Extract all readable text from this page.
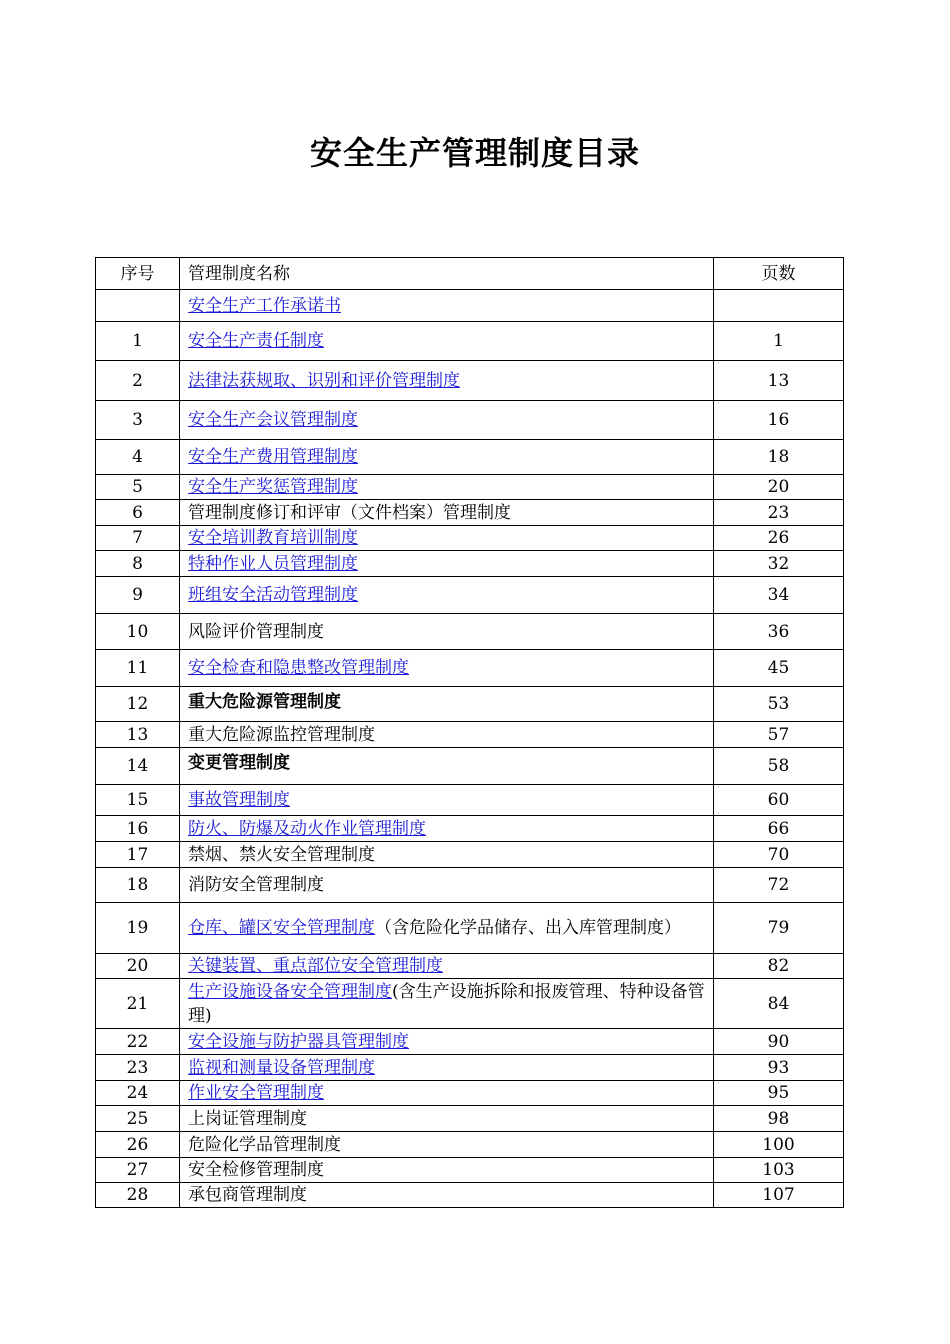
安全生产管理制度目录
序号	管理制度名称	页数
	安全生产工作承诺书	
1	安全生产责任制度	1
2	法律法获规取、识别和评价管理制度	13
3	安全生产会议管理制度	16
4	安全生产费用管理制度	18
5	安全生产奖惩管理制度	20
6	管理制度修订和评审（文件档案）管理制度	23
7	安全培训教育培训制度	26
8	特种作业人员管理制度	32
9	班组安全活动管理制度	34
10	风险评价管理制度	36
11	安全检查和隐患整改管理制度	45
12	重大危险源管理制度	53
13	重大危险源监控管理制度	57
14	变更管理制度	58
15	事故管理制度	60
16	防火、防爆及动火作业管理制度	66
17	禁烟、禁火安全管理制度	70
18	消防安全管理制度	72
19	仓库、罐区安全管理制度（含危险化学品储存、出入库管理制度）	79
20	关键装置、重点部位安全管理制度	82
21	生产设施设备安全管理制度(含生产设施拆除和报废管理、特种设备管理)	84
22	安全设施与防护器具管理制度	90
23	监视和测量设备管理制度	93
24	作业安全管理制度	95
25	上岗证管理制度	98
26	危险化学品管理制度	100
27	安全检修管理制度	103
28	承包商管理制度	107
